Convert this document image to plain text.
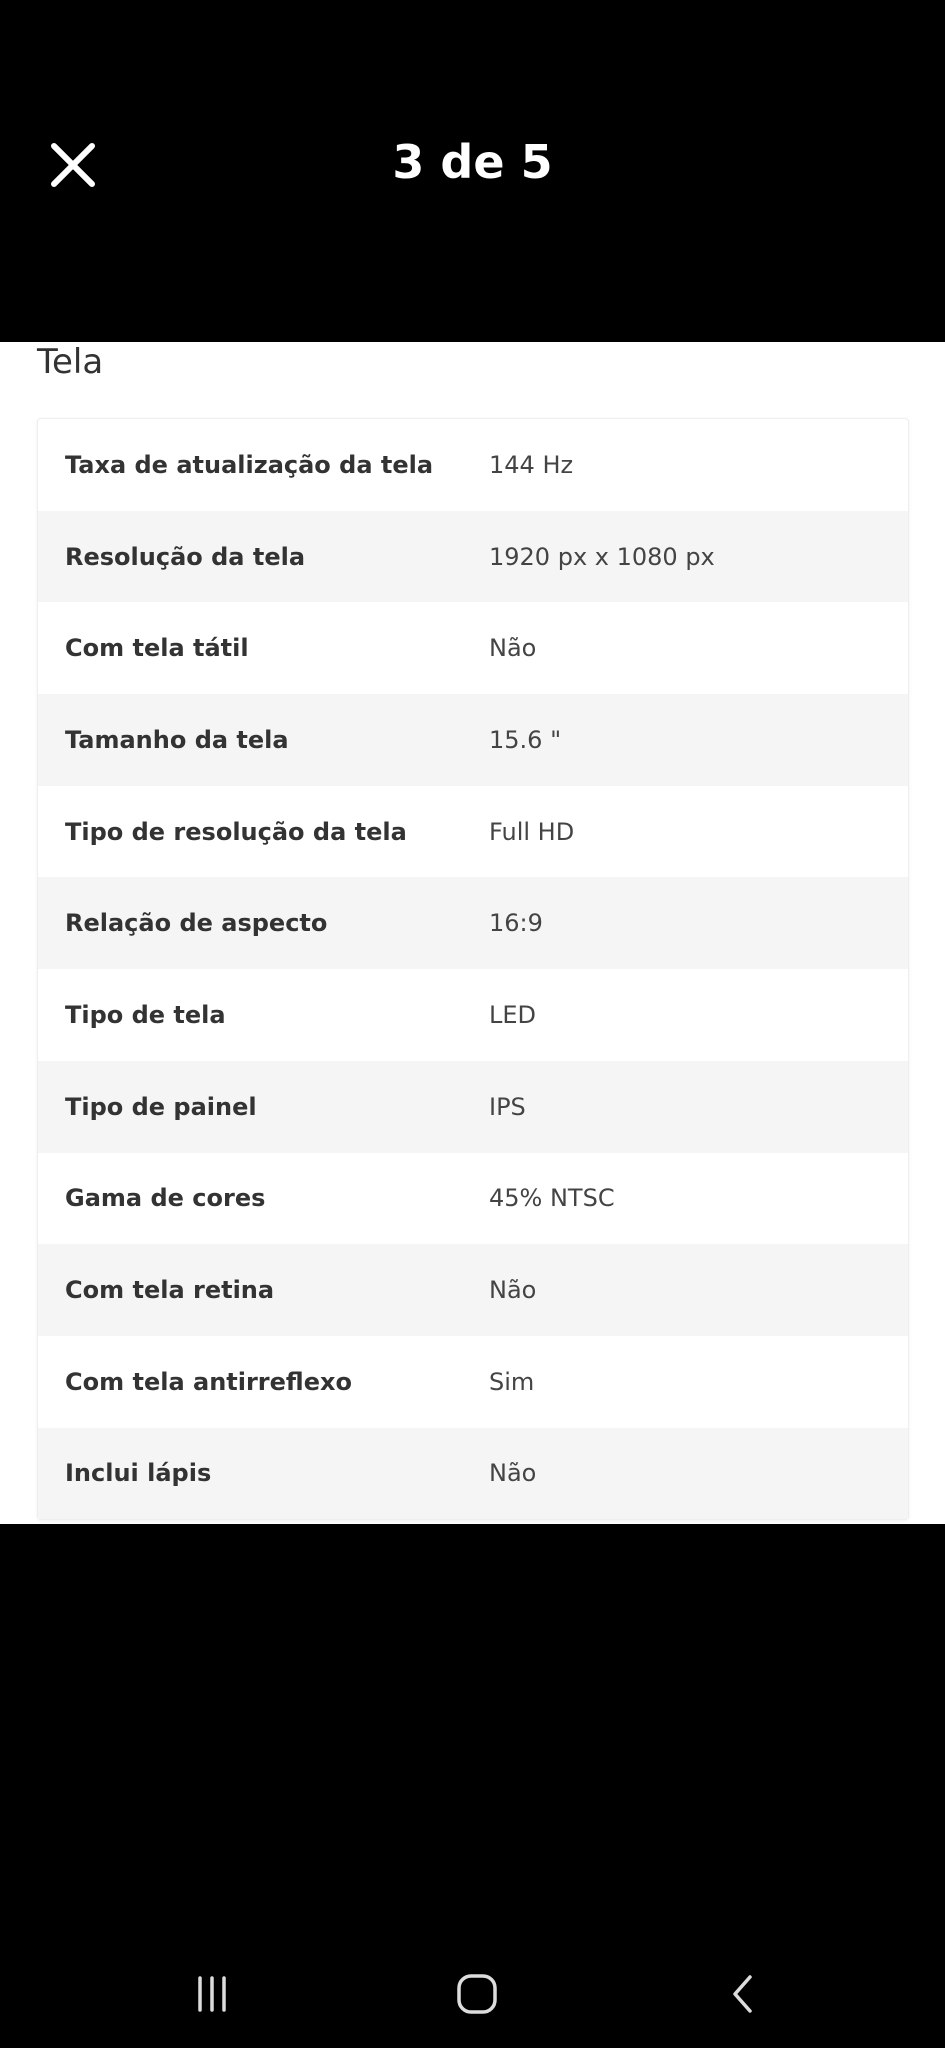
3 de 5
Tela
Taxa de atualização da tela	144 Hz
Resolução da tela	1920 px x 1080 px
Com tela tátil	Não
Tamanho da tela	15.6 "
Tipo de resolução da tela	Full HD
Relação de aspecto	16:9
Tipo de tela	LED
Tipo de painel	IPS
Gama de cores	45% NTSC
Com tela retina	Não
Com tela antirreflexo	Sim
Inclui lápis	Não
